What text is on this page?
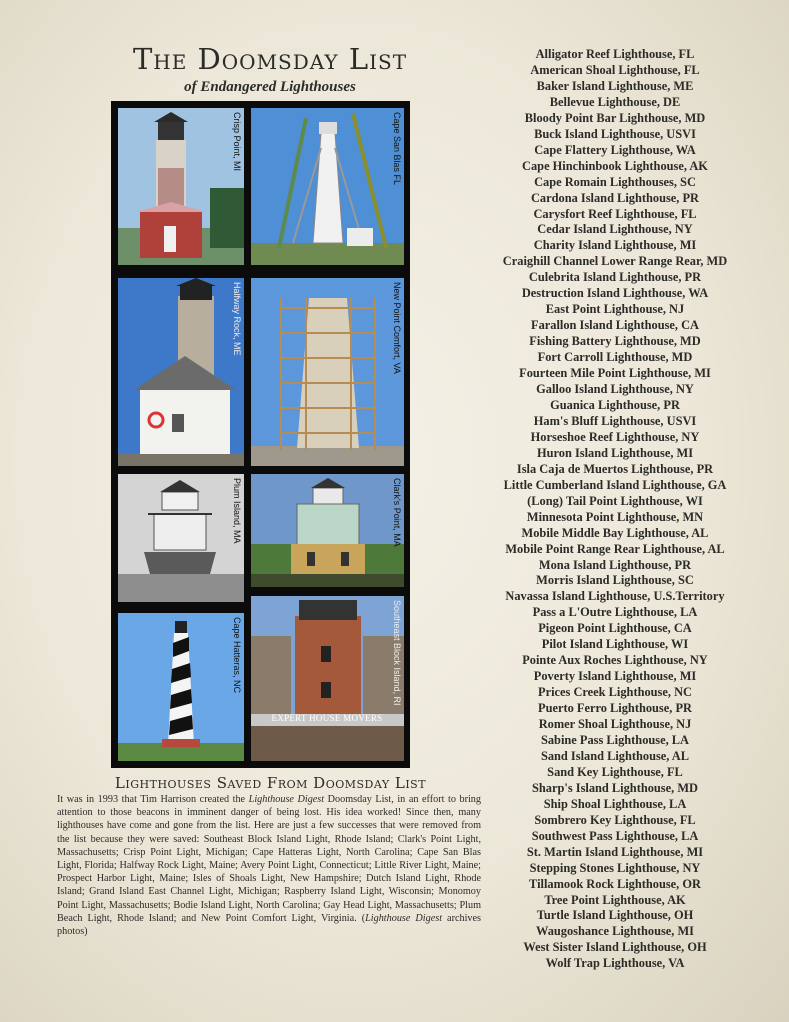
The Doomsday List
of Endangered Lighthouses
Crisp Point, MI	Cape San Blas FL
Halfway Rock, ME	New Point Comfort, VA
Plum Island, MA	Clark's Point, MA
Cape Hatteras, NC
EXPERT HOUSE MOVERS
Southeast Block Island, RI
Lighthouses Saved From Doomsday List
It was in 1993 that Tim Harrison created the Lighthouse Digest Doomsday List, in an effort to bring attention to those beacons in imminent danger of being lost. His idea worked! Since then, many lighthouses have come and gone from the list. Here are just a few successes that were removed from the list because they were saved: Southeast Block Island Light, Rhode Island; Clark's Point Light, Massachusetts; Crisp Point Light, Michigan; Cape Hatteras Light, North Carolina; Cape San Blas Light, Florida; Halfway Rock Light, Maine; Avery Point Light, Connecticut; Little River Light, Maine; Prospect Harbor Light, Maine; Isles of Shoals Light, New Hampshire; Dutch Island Light, Rhode Island; Grand Island East Channel Light, Michigan; Raspberry Island Light, Wisconsin; Monomoy Point Light, Massachusetts; Bodie Island Light, North Carolina; Gay Head Light, Massachusetts; Plum Beach Light, Rhode Island; and New Point Comfort Light, Virginia. (Lighthouse Digest archives photos)
Alligator Reef Lighthouse, FL
American Shoal Lighthouse, FL
Baker Island Lighthouse, ME
Bellevue Lighthouse, DE
Bloody Point Bar Lighthouse, MD
Buck Island Lighthouse, USVI
Cape Flattery Lighthouse, WA
Cape Hinchinbook Lighthouse, AK
Cape Romain Lighthouses, SC
Cardona Island Lighthouse, PR
Carysfort Reef Lighthouse, FL
Cedar Island Lighthouse, NY
Charity Island Lighthouse, MI
Craighill Channel Lower Range Rear, MD
Culebrita Island Lighthouse, PR
Destruction Island Lighthouse, WA
East Point Lighthouse, NJ
Farallon Island Lighthouse, CA
Fishing Battery Lighthouse, MD
Fort Carroll Lighthouse, MD
Fourteen Mile Point Lighthouse, MI
Galloo Island Lighthouse, NY
Guanica Lighthouse, PR
Ham's Bluff Lighthouse, USVI
Horseshoe Reef Lighthouse, NY
Huron Island Lighthouse, MI
Isla Caja de Muertos Lighthouse, PR
Little Cumberland Island Lighthouse, GA
(Long) Tail Point Lighthouse, WI
Minnesota Point Lighthouse, MN
Mobile Middle Bay Lighthouse, AL
Mobile Point Range Rear Lighthouse, AL
Mona Island Lighthouse, PR
Morris Island Lighthouse, SC
Navassa Island Lighthouse, U.S.Territory
Pass a L'Outre Lighthouse, LA
Pigeon Point Lighthouse, CA
Pilot Island Lighthouse, WI
Pointe Aux Roches Lighthouse, NY
Poverty Island Lighthouse, MI
Prices Creek Lighthouse, NC
Puerto Ferro Lighthouse, PR
Romer Shoal Lighthouse, NJ
Sabine Pass Lighthouse, LA
Sand Island Lighthouse, AL
Sand Key Lighthouse, FL
Sharp's Island Lighthouse, MD
Ship Shoal Lighthouse, LA
Sombrero Key Lighthouse, FL
Southwest Pass Lighthouse, LA
St. Martin Island Lighthouse, MI
Stepping Stones Lighthouse, NY
Tillamook Rock Lighthouse, OR
Tree Point Lighthouse, AK
Turtle Island Lighthouse, OH
Waugoshance Lighthouse, MI
West Sister Island Lighthouse, OH
Wolf Trap Lighthouse, VA
